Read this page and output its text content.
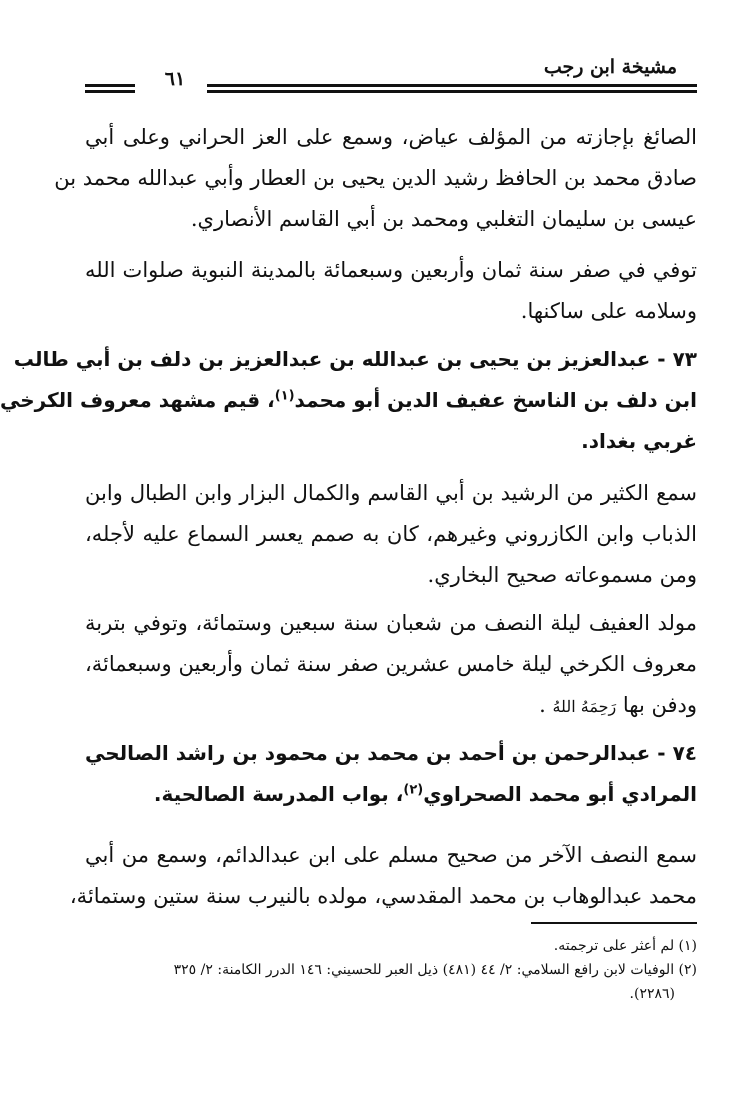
مشيخة ابن رجب
٦١
الصائغ بإجازته من المؤلف عياض، وسمع على العز الحراني وعلى أبي
صادق محمد بن الحافظ رشيد الدين يحيى بن العطار وأبي عبدالله محمد بن
عيسى بن سليمان التغلبي ومحمد بن أبي القاسم الأنصاري.
توفي في صفر سنة ثمان وأربعين وسبعمائة بالمدينة النبوية صلوات الله
وسلامه على ساكنها.
٧٣ - عبدالعزيز بن يحيى بن عبدالله بن عبدالعزيز بن دلف بن أبي طالب
ابن دلف بن الناسخ عفيف الدين أبو محمد$^{(١)}$، قيم مشهد معروف الكرخي
غربي بغداد.
سمع الكثير من الرشيد بن أبي القاسم والكمال البزار وابن الطبال وابن
الذباب وابن الكازروني وغيرهم، كان به صمم يعسر السماع عليه لأجله،
ومن مسموعاته صحيح البخاري.
مولد العفيف ليلة النصف من شعبان سنة سبعين وستمائة، وتوفي بتربة
معروف الكرخي ليلة خامس عشرين صفر سنة ثمان وأربعين وسبعمائة،
ودفن بها رَحِمَهُ اللهُ .
٧٤ - عبدالرحمن بن أحمد بن محمد بن محمود بن راشد الصالحي
المرادي أبو محمد الصحراوي$^{(٢)}$، بواب المدرسة الصالحية.
سمع النصف الآخر من صحيح مسلم على ابن عبدالدائم، وسمع من أبي
محمد عبدالوهاب بن محمد المقدسي، مولده بالنيرب سنة ستين وستمائة،
(١) لم أعثر على ترجمته.
(٢) الوفيات لابن رافع السلامي: ٢/ ٤٤ (٤٨١) ذيل العبر للحسيني: ١٤٦ الدرر الكامنة: ٢/ ٣٢٥
(٢٢٨٦).
